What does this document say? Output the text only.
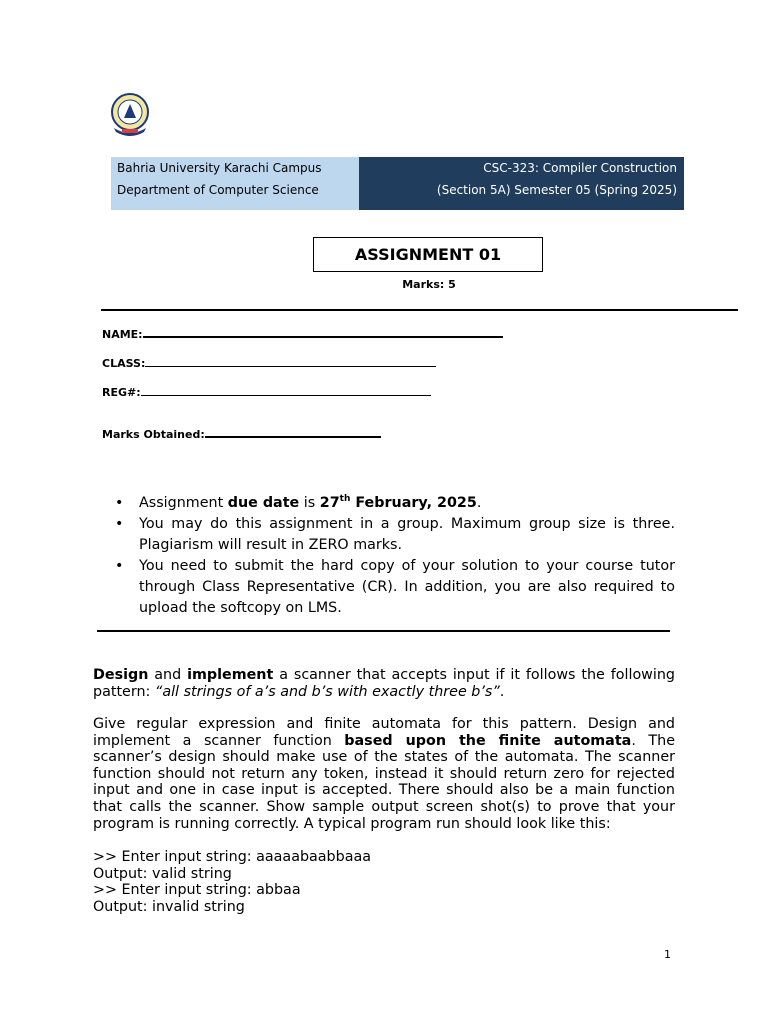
Bahria University Karachi Campus
Department of Computer Science
CSC-323: Compiler Construction
(Section 5A) Semester 05 (Spring 2025)
ASSIGNMENT 01
Marks: 5
NAME:
CLASS:
REG#:
Marks Obtained:
• Assignment due date is 27th February, 2025.
• You may do this assignment in a group. Maximum group size is three. Plagiarism will result in ZERO marks.
• You need to submit the hard copy of your solution to your course tutor through Class Representative (CR). In addition, you are also required to upload the softcopy on LMS.
Design and implement a scanner that accepts input if it follows the following pattern: “all strings of a’s and b’s with exactly three b’s”.
Give regular expression and finite automata for this pattern. Design and implement a scanner function based upon the finite automata. The scanner’s design should make use of the states of the automata. The scanner function should not return any token, instead it should return zero for rejected input and one in case input is accepted. There should also be a main function that calls the scanner. Show sample output screen shot(s) to prove that your program is running correctly. A typical program run should look like this:
>> Enter input string: aaaaabaabbaaa
Output: valid string
>> Enter input string: abbaa
Output: invalid string
1
